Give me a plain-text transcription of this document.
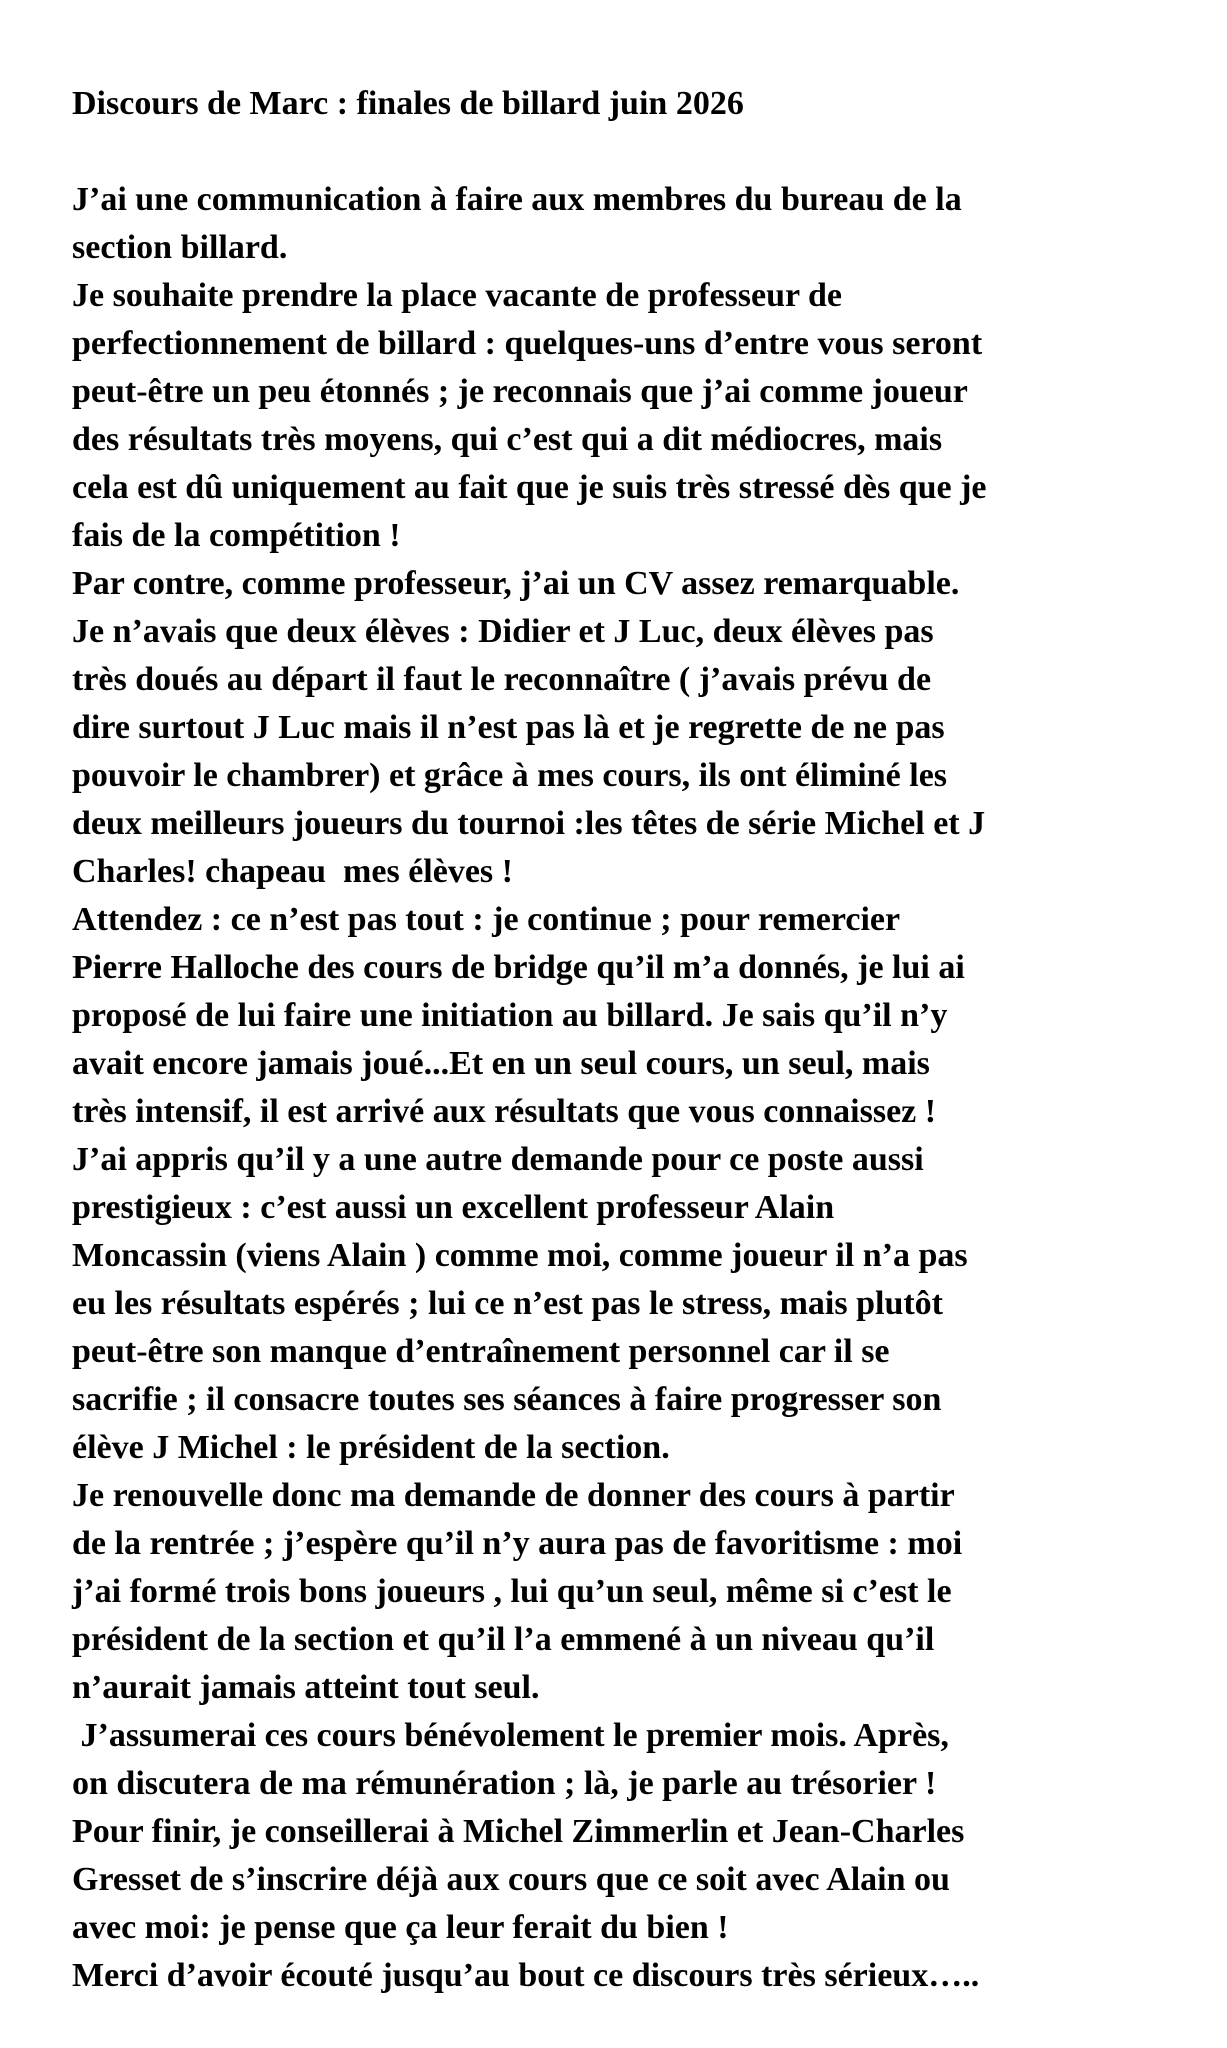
Discours de Marc : finales de billard juin 2026
J’ai une communication à faire aux membres du bureau de la
section billard.
Je souhaite prendre la place vacante de professeur de
perfectionnement de billard : quelques-uns d’entre vous seront
peut-être un peu étonnés ; je reconnais que j’ai comme joueur
des résultats très moyens, qui c’est qui a dit médiocres, mais
cela est dû uniquement au fait que je suis très stressé dès que je
fais de la compétition !
Par contre, comme professeur, j’ai un CV assez remarquable.
Je n’avais que deux élèves : Didier et J Luc, deux élèves pas
très doués au départ il faut le reconnaître ( j’avais prévu de
dire surtout J Luc mais il n’est pas là et je regrette de ne pas
pouvoir le chambrer) et grâce à mes cours, ils ont éliminé les
deux meilleurs joueurs du tournoi :les têtes de série Michel et J
Charles! chapeau  mes élèves !
Attendez : ce n’est pas tout : je continue ; pour remercier
Pierre Halloche des cours de bridge qu’il m’a donnés, je lui ai
proposé de lui faire une initiation au billard. Je sais qu’il n’y
avait encore jamais joué...Et en un seul cours, un seul, mais
très intensif, il est arrivé aux résultats que vous connaissez !
J’ai appris qu’il y a une autre demande pour ce poste aussi
prestigieux : c’est aussi un excellent professeur Alain
Moncassin (viens Alain ) comme moi, comme joueur il n’a pas
eu les résultats espérés ; lui ce n’est pas le stress, mais plutôt
peut-être son manque d’entraînement personnel car il se
sacrifie ; il consacre toutes ses séances à faire progresser son
élève J Michel : le président de la section.
Je renouvelle donc ma demande de donner des cours à partir
de la rentrée ; j’espère qu’il n’y aura pas de favoritisme : moi
j’ai formé trois bons joueurs , lui qu’un seul, même si c’est le
président de la section et qu’il l’a emmené à un niveau qu’il
n’aurait jamais atteint tout seul.
J’assumerai ces cours bénévolement le premier mois. Après,
on discutera de ma rémunération ; là, je parle au trésorier !
Pour finir, je conseillerai à Michel Zimmerlin et Jean-Charles
Gresset de s’inscrire déjà aux cours que ce soit avec Alain ou
avec moi: je pense que ça leur ferait du bien !
Merci d’avoir écouté jusqu’au bout ce discours très sérieux…..
